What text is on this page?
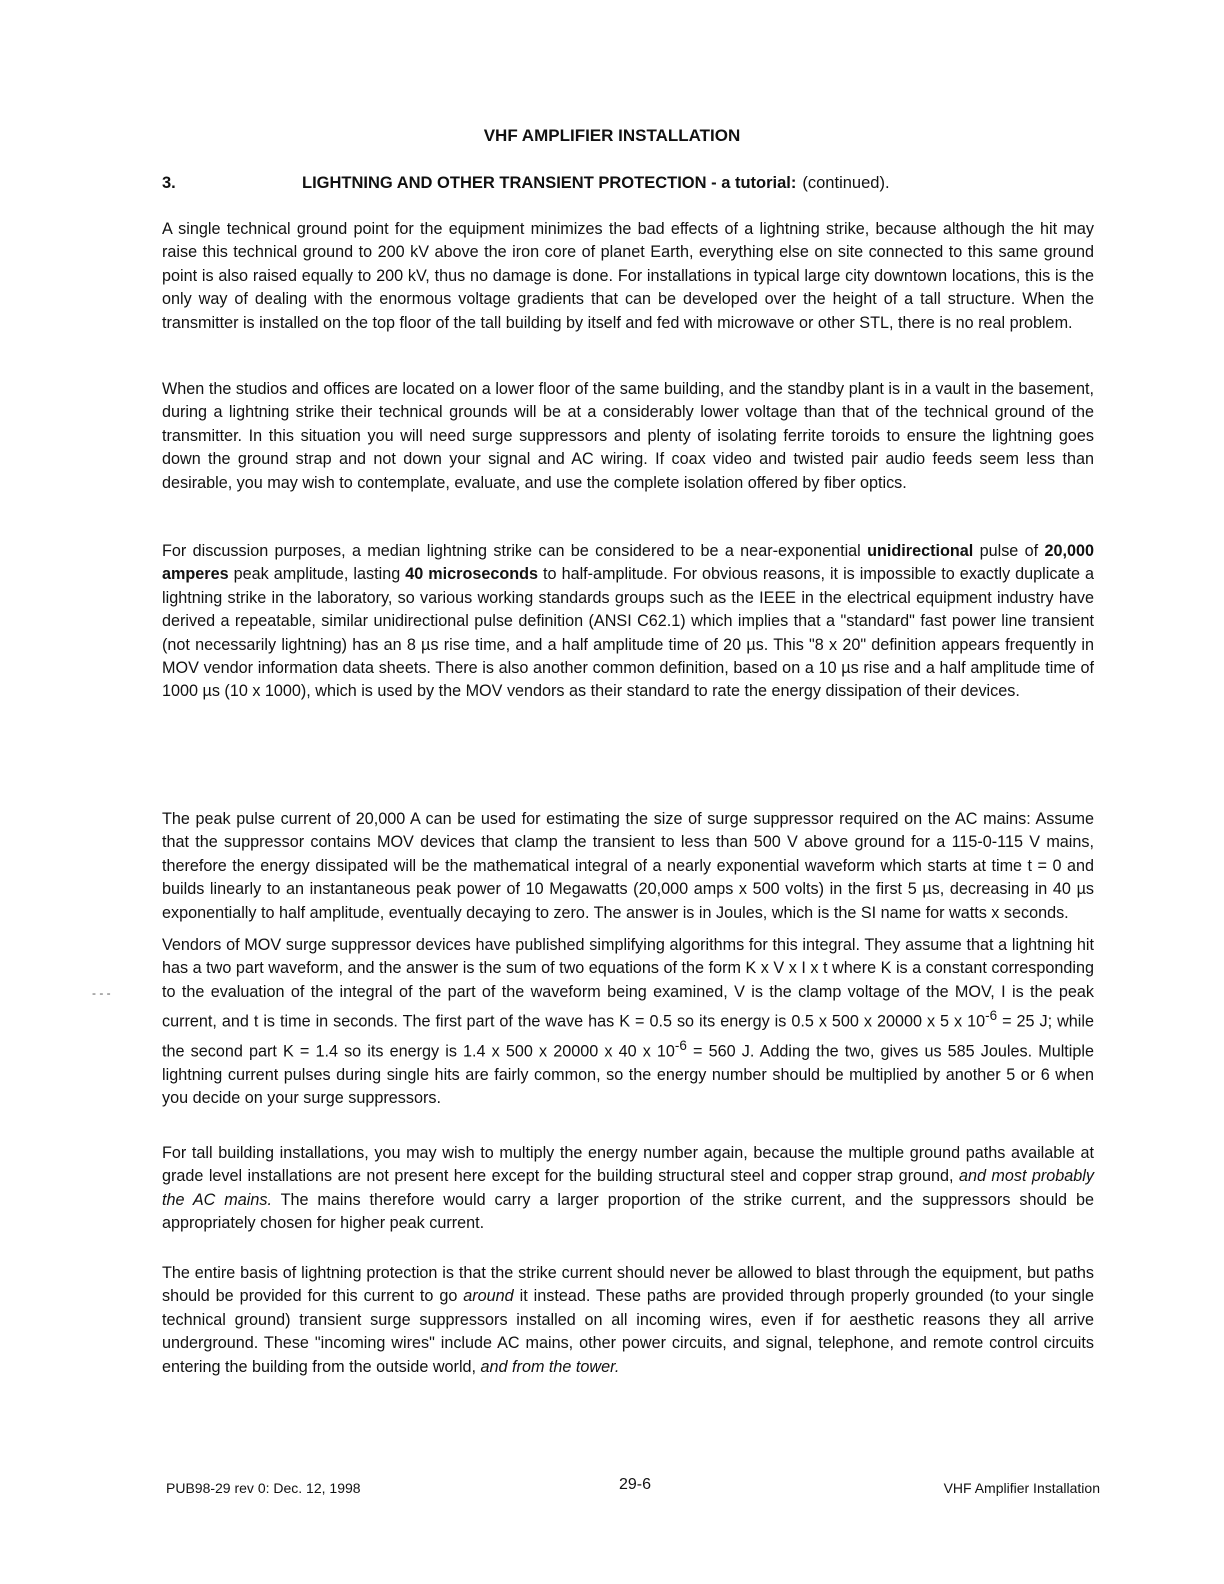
VHF AMPLIFIER INSTALLATION
3.	LIGHTNING AND OTHER TRANSIENT PROTECTION - a tutorial: (continued).

A single technical ground point for the equipment minimizes the bad effects of a lightning strike, because although the hit may raise this technical ground to 200 kV above the iron core of planet Earth, everything else on site connected to this same ground point is also raised equally to 200 kV, thus no damage is done. For installations in typical large city downtown locations, this is the only way of dealing with the enormous voltage gradients that can be developed over the height of a tall structure. When the transmitter is installed on the top floor of the tall building by itself and fed with microwave or other STL, there is no real problem.

When the studios and offices are located on a lower floor of the same building, and the standby plant is in a vault in the basement, during a lightning strike their technical grounds will be at a considerably lower voltage than that of the technical ground of the transmitter. In this situation you will need surge suppressors and plenty of isolating ferrite toroids to ensure the lightning goes down the ground strap and not down your signal and AC wiring. If coax video and twisted pair audio feeds seem less than desirable, you may wish to contemplate, evaluate, and use the complete isolation offered by fiber optics.

For discussion purposes, a median lightning strike can be considered to be a near-exponential unidirectional pulse of 20,000 amperes peak amplitude, lasting 40 microseconds to half-amplitude. For obvious reasons, it is impossible to exactly duplicate a lightning strike in the laboratory, so various working standards groups such as the IEEE in the electrical equipment industry have derived a repeatable, similar unidirectional pulse definition (ANSI C62.1) which implies that a "standard" fast power line transient (not necessarily lightning) has an 8 µs rise time, and a half amplitude time of 20 µs. This "8 x 20" definition appears frequently in MOV vendor information data sheets. There is also another common definition, based on a 10 µs rise and a half amplitude time of 1000 µs (10 x 1000), which is used by the MOV vendors as their standard to rate the energy dissipation of their devices.

The peak pulse current of 20,000 A can be used for estimating the size of surge suppressor required on the AC mains: Assume that the suppressor contains MOV devices that clamp the transient to less than 500 V above ground for a 115-0-115 V mains, therefore the energy dissipated will be the mathematical integral of a nearly exponential waveform which starts at time t = 0 and builds linearly to an instantaneous peak power of 10 Megawatts (20,000 amps x 500 volts) in the first 5 µs, decreasing in 40 µs exponentially to half amplitude, eventually decaying to zero. The answer is in Joules, which is the SI name for watts x seconds.

Vendors of MOV surge suppressor devices have published simplifying algorithms for this integral. They assume that a lightning hit has a two part waveform, and the answer is the sum of two equations of the form K x V x I x t where K is a constant corresponding to the evaluation of the integral of the part of the waveform being examined, V is the clamp voltage of the MOV, I is the peak current, and t is time in seconds. The first part of the wave has K = 0.5 so its energy is 0.5 x 500 x 20000 x 5 x $10^{-6} = 25$ J; while the second part K = 1.4 so its energy is 1.4 x 500 x 20000 x 40 x $10^{-6} = 560$ J. Adding the two, gives us 585 Joules. Multiple lightning current pulses during single hits are fairly common, so the energy number should be multiplied by another 5 or 6 when you decide on your surge suppressors.

For tall building installations, you may wish to multiply the energy number again, because the multiple ground paths available at grade level installations are not present here except for the building structural steel and copper strap ground, and most probably the AC mains. The mains therefore would carry a larger proportion of the strike current, and the suppressors should be appropriately chosen for higher peak current.

The entire basis of lightning protection is that the strike current should never be allowed to blast through the equipment, but paths should be provided for this current to go around it instead. These paths are provided through properly grounded (to your single technical ground) transient surge suppressors installed on all incoming wires, even if for aesthetic reasons they all arrive underground. These "incoming wires" include AC mains, other power circuits, and signal, telephone, and remote control circuits entering the building from the outside world, and from the tower.

- - -
PUB98-29 rev 0: Dec. 12, 1998	29-6	VHF Amplifier Installation
